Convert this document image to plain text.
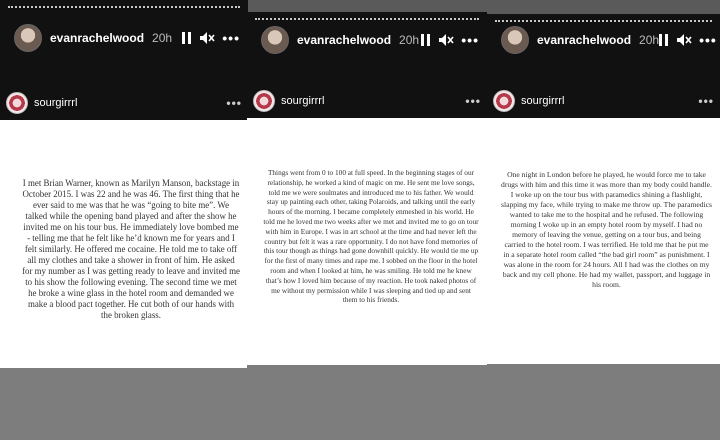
evanrachelwood 20h	•••
sourgirrrl	•••
I met Brian Warner, known as Marilyn Manson, backstage in October 2015. I was 22 and he was 46. The first thing that he ever said to me was that he was “going to bite me”. We talked while the opening band played and after the show he invited me on his tour bus. He immediately love bombed me - telling me that he felt like he’d known me for years and I felt similarly. He offered me cocaine. He told me to take off all my clothes and take a shower in front of him. He asked for my number as I was getting ready to leave and invited me to his show the following evening. The second time we met he broke a wine glass in the hotel room and demanded we make a blood pact together. He cut both of our hands with the broken glass.
evanrachelwood 20h	•••
sourgirrrl	•••
Things went from 0 to 100 at full speed. In the beginning stages of our relationship, he worked a kind of magic on me. He sent me love songs, told me we were soulmates and introduced me to his father. We would stay up painting each other, taking Polaroids, and talking until the early hours of the morning. I became completely enmeshed in his world. He told me he loved me two weeks after we met and invited me to go on tour with him in Europe. I was in art school at the time and had never left the country but felt it was a rare opportunity. I do not have fond memories of this tour though as things had gone downhill quickly. He would tie me up for the first of many times and rape me. I sobbed on the floor in the hotel room and when I looked at him, he was smiling. He told me he knew that’s how I loved him because of my reaction. He took naked photos of me without my permission while I was sleeping and tied up and sent them to his friends.
evanrachelwood 20h	•••
sourgirrrl	•••
One night in London before he played, he would force me to take drugs with him and this time it was more than my body could handle. I woke up on the tour bus with paramedics shining a flashlight, slapping my face, while trying to make me throw up. The paramedics wanted to take me to the hospital and he refused. The following morning I woke up in an empty hotel room by myself. I had no memory of leaving the venue, getting on a tour bus, and being carried to the hotel room. I was terrified. He told me that he put me in a separate hotel room called “the bad girl room” as punishment. I was alone in the room for 24 hours. All I had was the clothes on my back and my cell phone. He had my wallet, passport, and luggage in his room.
